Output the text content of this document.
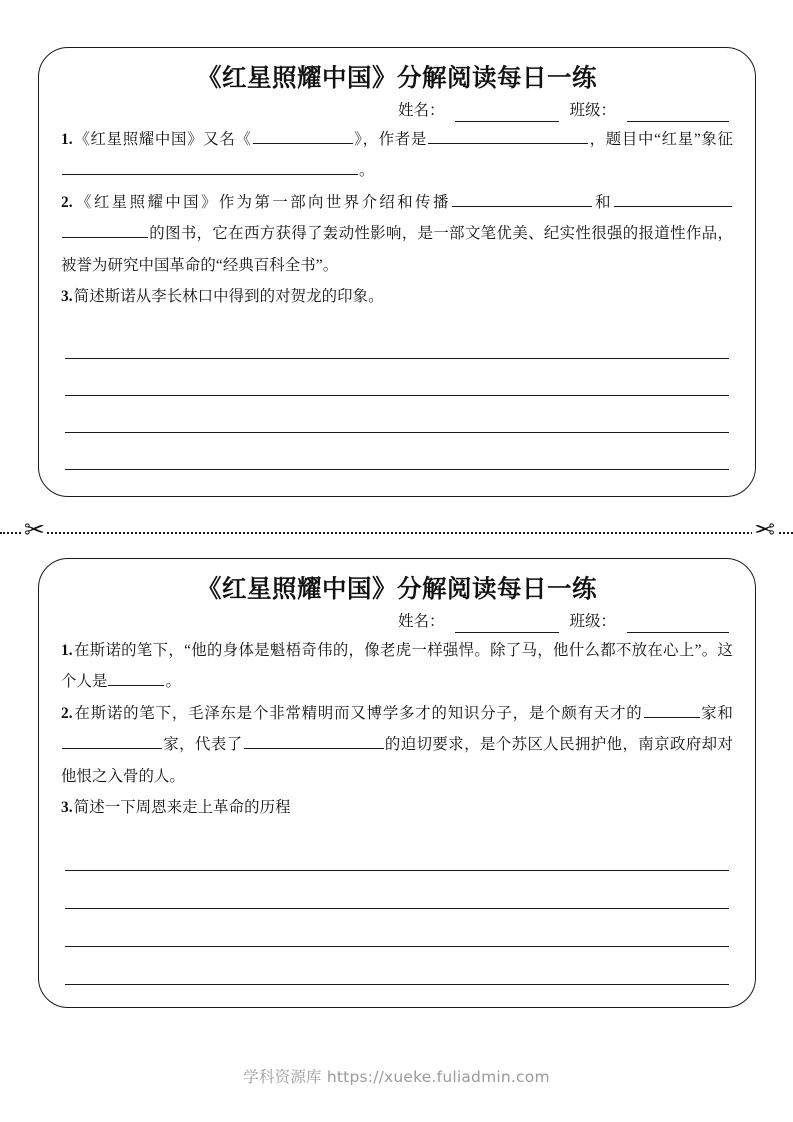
《红星照耀中国》分解阅读每日一练
姓名：	班级：

1.《红星照耀中国》又名《	》，作者是	，题目中“红星”象征。

2.《红星照耀中国》作为第一部向世界介绍和传播	和的图书，它在西方获得了轰动性影响，是一部文笔优美、纪实性很强的报道性作品，被誉为研究中国革命的“经典百科全书”。

3.简述斯诺从李长林口中得到的对贺龙的印象。

✂	✂
《红星照耀中国》分解阅读每日一练
姓名：	班级：

1.在斯诺的笔下，“他的身体是魁梧奇伟的，像老虎一样强悍。除了马，他什么都不放在心上”。这个人是	。

2.在斯诺的笔下，毛泽东是个非常精明而又博学多才的知识分子，是个颇有天才的	家和家，代表了	的迫切要求，是个苏区人民拥护他，南京政府却对 他恨之入骨的人。

3.简述一下周恩来走上革命的历程

学科资源库 https://xueke.fuliadmin.com
